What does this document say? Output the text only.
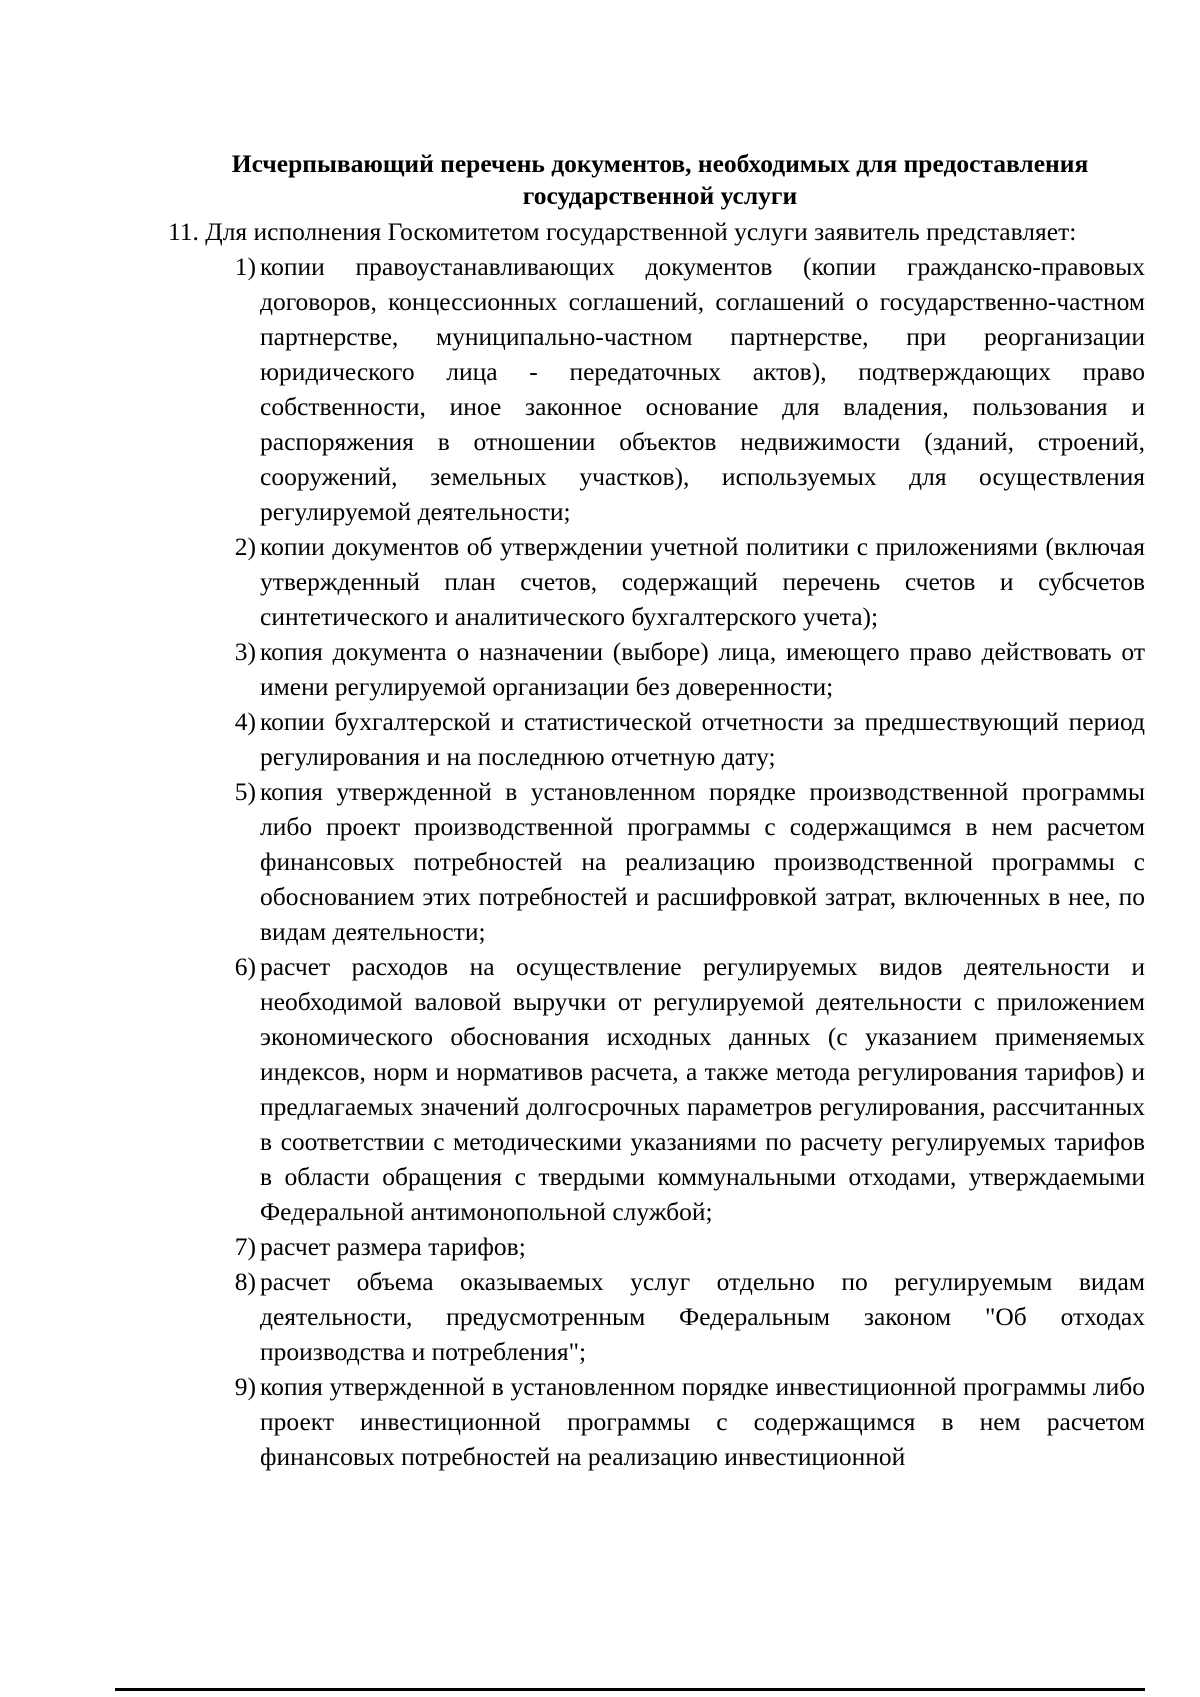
Исчерпывающий перечень документов, необходимых для предоставления государственной услуги

11. Для исполнения Госкомитетом государственной услуги заявитель представляет:

1) копии правоустанавливающих документов (копии гражданско-правовых договоров, концессионных соглашений, соглашений о государственно-частном партнерстве, муниципально-частном партнерстве, при реорганизации юридического лица - передаточных актов), подтверждающих право собственности, иное законное основание для владения, пользования и распоряжения в отношении объектов недвижимости (зданий, строений, сооружений, земельных участков), используемых для осуществления регулируемой деятельности;
2) копии документов об утверждении учетной политики с приложениями (включая утвержденный план счетов, содержащий перечень счетов и субсчетов синтетического и аналитического бухгалтерского учета);
3) копия документа о назначении (выборе) лица, имеющего право действовать от имени регулируемой организации без доверенности;
4) копии бухгалтерской и статистической отчетности за предшествующий период регулирования и на последнюю отчетную дату;
5) копия утвержденной в установленном порядке производственной программы либо проект производственной программы с содержащимся в нем расчетом финансовых потребностей на реализацию производственной программы с обоснованием этих потребностей и расшифровкой затрат, включенных в нее, по видам деятельности;
6) расчет расходов на осуществление регулируемых видов деятельности и необходимой валовой выручки от регулируемой деятельности с приложением экономического обоснования исходных данных (с указанием применяемых индексов, норм и нормативов расчета, а также метода регулирования тарифов) и предлагаемых значений долгосрочных параметров регулирования, рассчитанных в соответствии с методическими указаниями по расчету регулируемых тарифов в области обращения с твердыми коммунальными отходами, утверждаемыми Федеральной антимонопольной службой;
7) расчет размера тарифов;
8) расчет объема оказываемых услуг отдельно по регулируемым видам деятельности, предусмотренным Федеральным законом "Об отходах производства и потребления";
9) копия утвержденной в установленном порядке инвестиционной программы либо проект инвестиционной программы с содержащимся в нем расчетом финансовых потребностей на реализацию инвестиционной
